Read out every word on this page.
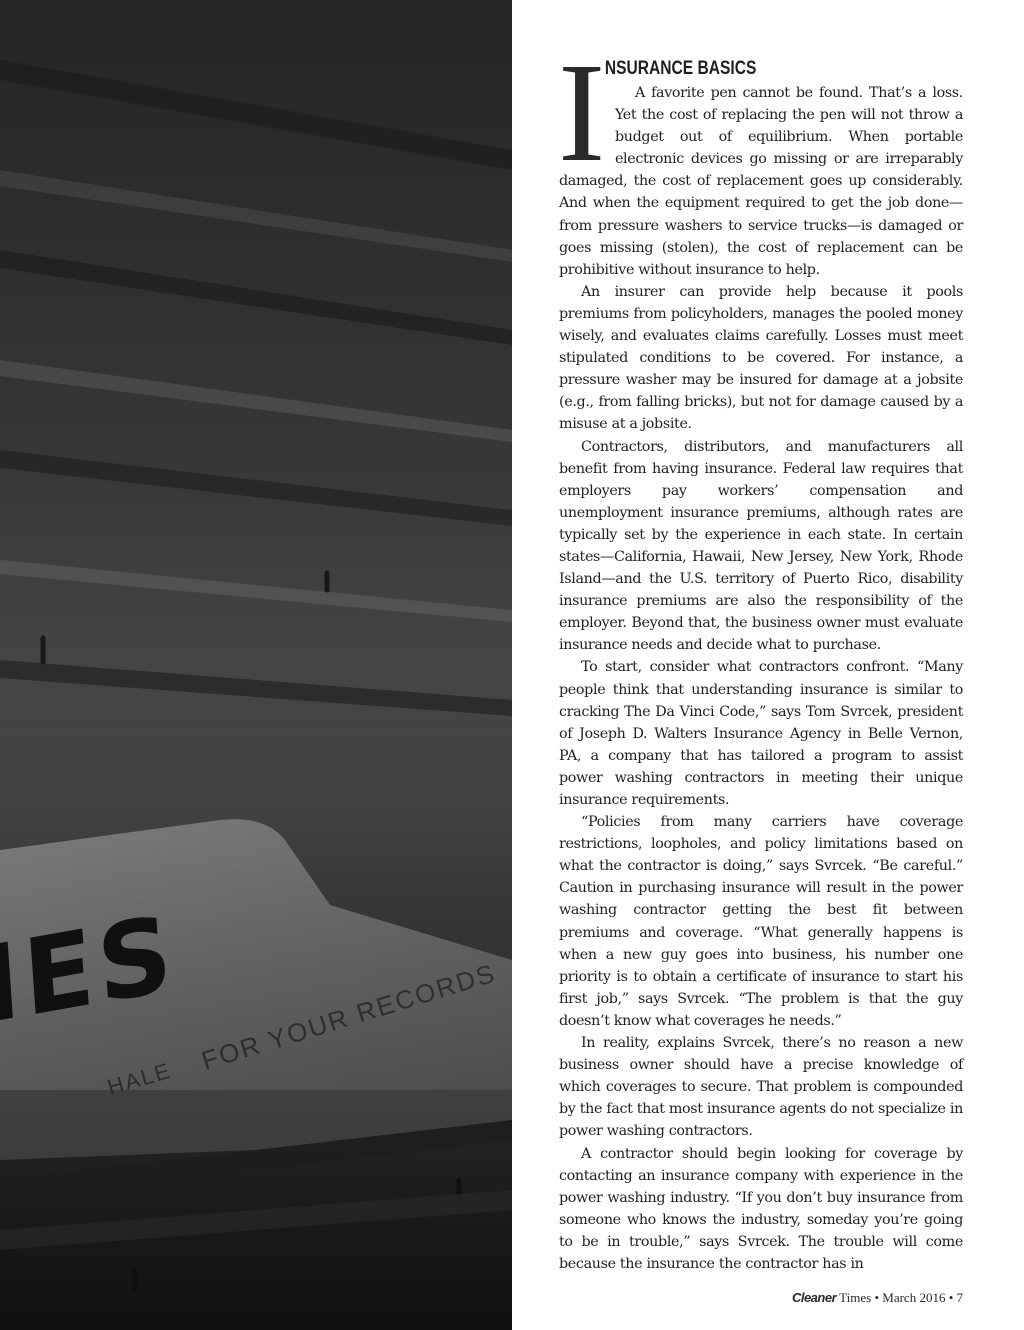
I NSURANCE BASICS

A favorite pen cannot be found. That’s a loss. Yet the cost of replacing the pen will not throw a budget out of equilibrium. When portable electronic devices go missing or are irreparably damaged, the cost of replacement goes up considerably. And when the equipment required to get the job done—from pressure washers to service trucks—is damaged or goes missing (stolen), the cost of replacement can be prohibitive without insurance to help.

An insurer can provide help because it pools premiums from policyholders, manages the pooled money wisely, and evaluates claims carefully. Losses must meet stipulated conditions to be covered. For instance, a pressure washer may be insured for damage at a jobsite (e.g., from falling bricks), but not for damage caused by a misuse at a jobsite.

Contractors, distributors, and manufacturers all benefit from having insurance. Federal law requires that employers pay workers’ compensation and unemployment insurance premiums, although rates are typically set by the experience in each state. In certain states—California, Hawaii, New Jersey, New York, Rhode Island—and the U.S. territory of Puerto Rico, disability insurance premiums are also the responsibility of the employer. Beyond that, the business owner must evaluate insurance needs and decide what to purchase.

To start, consider what contractors confront. “Many people think that understanding insurance is similar to cracking The Da Vinci Code,” says Tom Svrcek, president of Joseph D. Walters Insurance Agency in Belle Vernon, PA, a company that has tailored a program to assist power washing contractors in meeting their unique insurance requirements.

“Policies from many carriers have coverage restrictions, loopholes, and policy limitations based on what the contractor is doing,” says Svrcek. “Be careful.” Caution in purchasing insurance will result in the power washing contractor getting the best fit between premiums and coverage. “What generally happens is when a new guy goes into business, his number one priority is to obtain a certificate of insurance to start his first job,” says Svrcek. “The problem is that the guy doesn’t know what coverages he needs.”

In reality, explains Svrcek, there’s no reason a new business owner should have a precise knowledge of which coverages to secure. That problem is compounded by the fact that most insurance agents do not specialize in power washing contractors.

A contractor should begin looking for coverage by contacting an insurance company with experience in the power washing industry. “If you don’t buy insurance from someone who knows the industry, someday you’re going to be in trouble,” says Svrcek. The trouble will come because the insurance the contractor has in

Cleaner Times • March 2016 • 7
